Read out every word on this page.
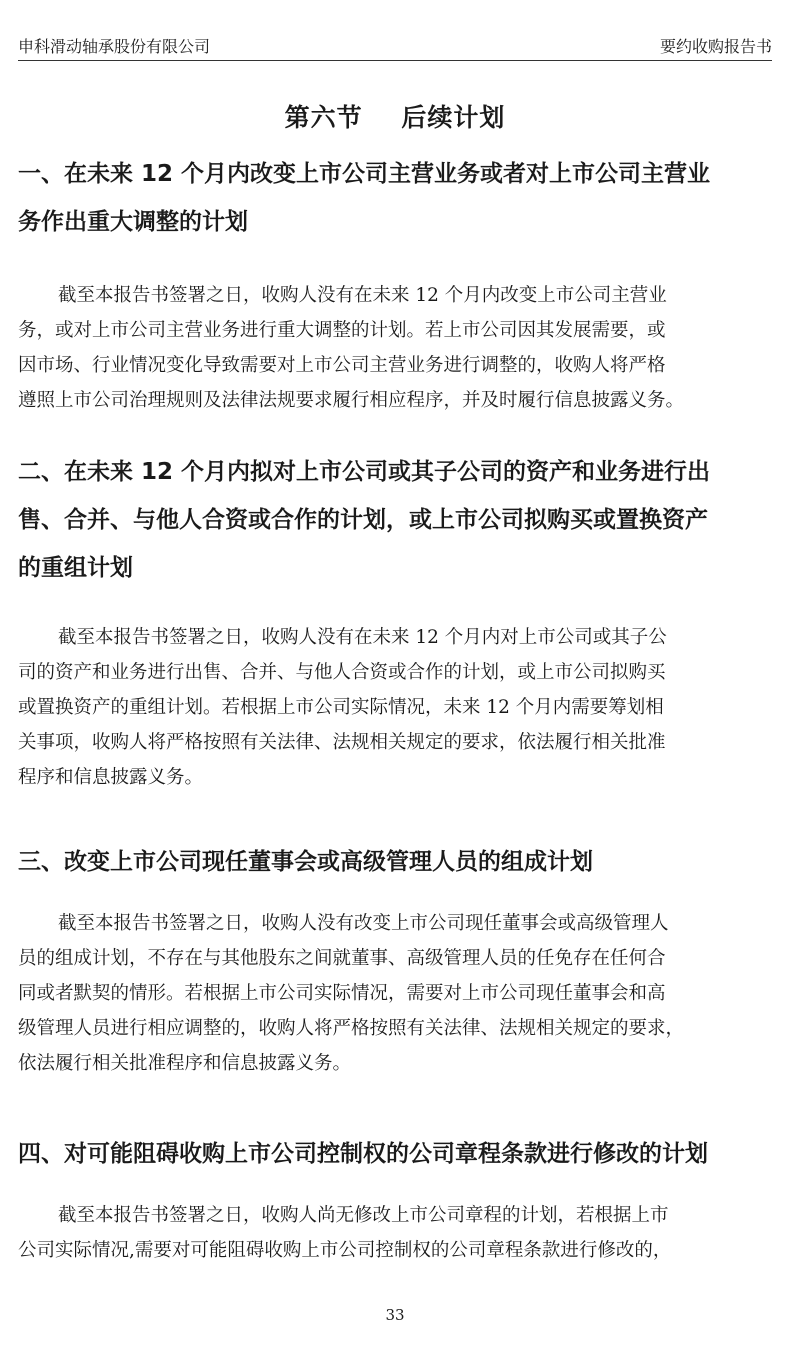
申科滑动轴承股份有限公司	要约收购报告书
第六节    后续计划
一、在未来 12 个月内改变上市公司主营业务或者对上市公司主营业
务作出重大调整的计划
截至本报告书签署之日，收购人没有在未来 12 个月内改变上市公司主营业
务，或对上市公司主营业务进行重大调整的计划。若上市公司因其发展需要，或
因市场、行业情况变化导致需要对上市公司主营业务进行调整的，收购人将严格
遵照上市公司治理规则及法律法规要求履行相应程序，并及时履行信息披露义务。
二、在未来 12 个月内拟对上市公司或其子公司的资产和业务进行出
售、合并、与他人合资或合作的计划，或上市公司拟购买或置换资产
的重组计划
截至本报告书签署之日，收购人没有在未来 12 个月内对上市公司或其子公
司的资产和业务进行出售、合并、与他人合资或合作的计划，或上市公司拟购买
或置换资产的重组计划。若根据上市公司实际情况，未来 12 个月内需要筹划相
关事项，收购人将严格按照有关法律、法规相关规定的要求，依法履行相关批准
程序和信息披露义务。
三、改变上市公司现任董事会或高级管理人员的组成计划
截至本报告书签署之日，收购人没有改变上市公司现任董事会或高级管理人
员的组成计划，不存在与其他股东之间就董事、高级管理人员的任免存在任何合
同或者默契的情形。若根据上市公司实际情况，需要对上市公司现任董事会和高
级管理人员进行相应调整的，收购人将严格按照有关法律、法规相关规定的要求，
依法履行相关批准程序和信息披露义务。
四、对可能阻碍收购上市公司控制权的公司章程条款进行修改的计划
截至本报告书签署之日，收购人尚无修改上市公司章程的计划，若根据上市
公司实际情况,需要对可能阻碍收购上市公司控制权的公司章程条款进行修改的，
33
